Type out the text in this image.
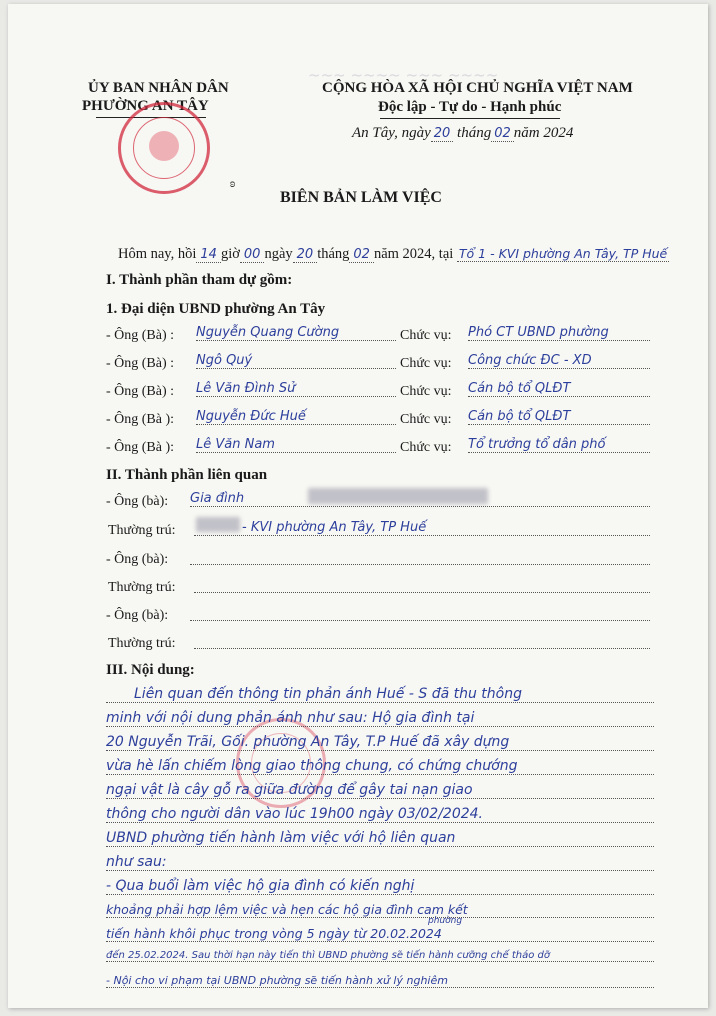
~~~ ~~~~ ~~~ ~~~~
ỦY BAN NHÂN DÂN
PHƯỜNG AN TÂY
ʚ
CỘNG HÒA XÃ HỘI CHỦ NGHĨA VIỆT NAM
Độc lập - Tự do - Hạnh phúc
An Tây, ngày 20 tháng 02 năm 2024
BIÊN BẢN LÀM VIỆC
Hôm nay, hồi 14 giờ 00 ngày 20 tháng 02 năm 2024, tại Tổ 1 - KVI phường An Tây, TP Huế
I. Thành phần tham dự gồm:
1. Đại diện UBND phường An Tây
- Ông (Bà) : Nguyễn Quang Cường	Chức vụ: Phó CT UBND phường
- Ông (Bà) : Ngô Quý	Chức vụ: Công chức ĐC - XD
- Ông (Bà) : Lê Văn Đình Sử	Chức vụ: Cán bộ tổ QLĐT
- Ông (Bà ): Nguyễn Đức Huế	Chức vụ: Cán bộ tổ QLĐT
- Ông (Bà ): Lê Văn Nam	Chức vụ: Tổ trưởng tổ dân phố
II. Thành phần liên quan
- Ông (bà): Gia đình
Thường trú:	- KVI phường An Tây, TP Huế
- Ông (bà):
Thường trú:
- Ông (bà):
Thường trú:
III. Nội dung:
Liên quan đến thông tin phản ánh Huế - S đã thu thông
minh với nội dung phản ánh như sau: Hộ gia đình tại
20 Nguyễn Trãi, Gối. phường An Tây, T.P Huế đã xây dựng
vừa hè lấn chiếm lòng giao thông chung, có chứng chướng
ngại vật là cây gỗ ra giữa đường để gây tai nạn giao
thông cho người dân vào lúc 19h00 ngày 03/02/2024.
UBND phường tiến hành làm việc với hộ liên quan
như sau:
- Qua buổi làm việc hộ gia đình có kiến nghị
khoảng phải hợp lệm việc và hẹn các hộ gia đình cam kết
tiến hành khôi phục trong vòng 5 ngày từ 20.02.2024
phường
đến 25.02.2024. Sau thời hạn này tiến thì UBND phường sẽ tiến hành cưỡng chế tháo dỡ
- Nội cho vi phạm tại UBND phường sẽ tiến hành xử lý nghiêm
